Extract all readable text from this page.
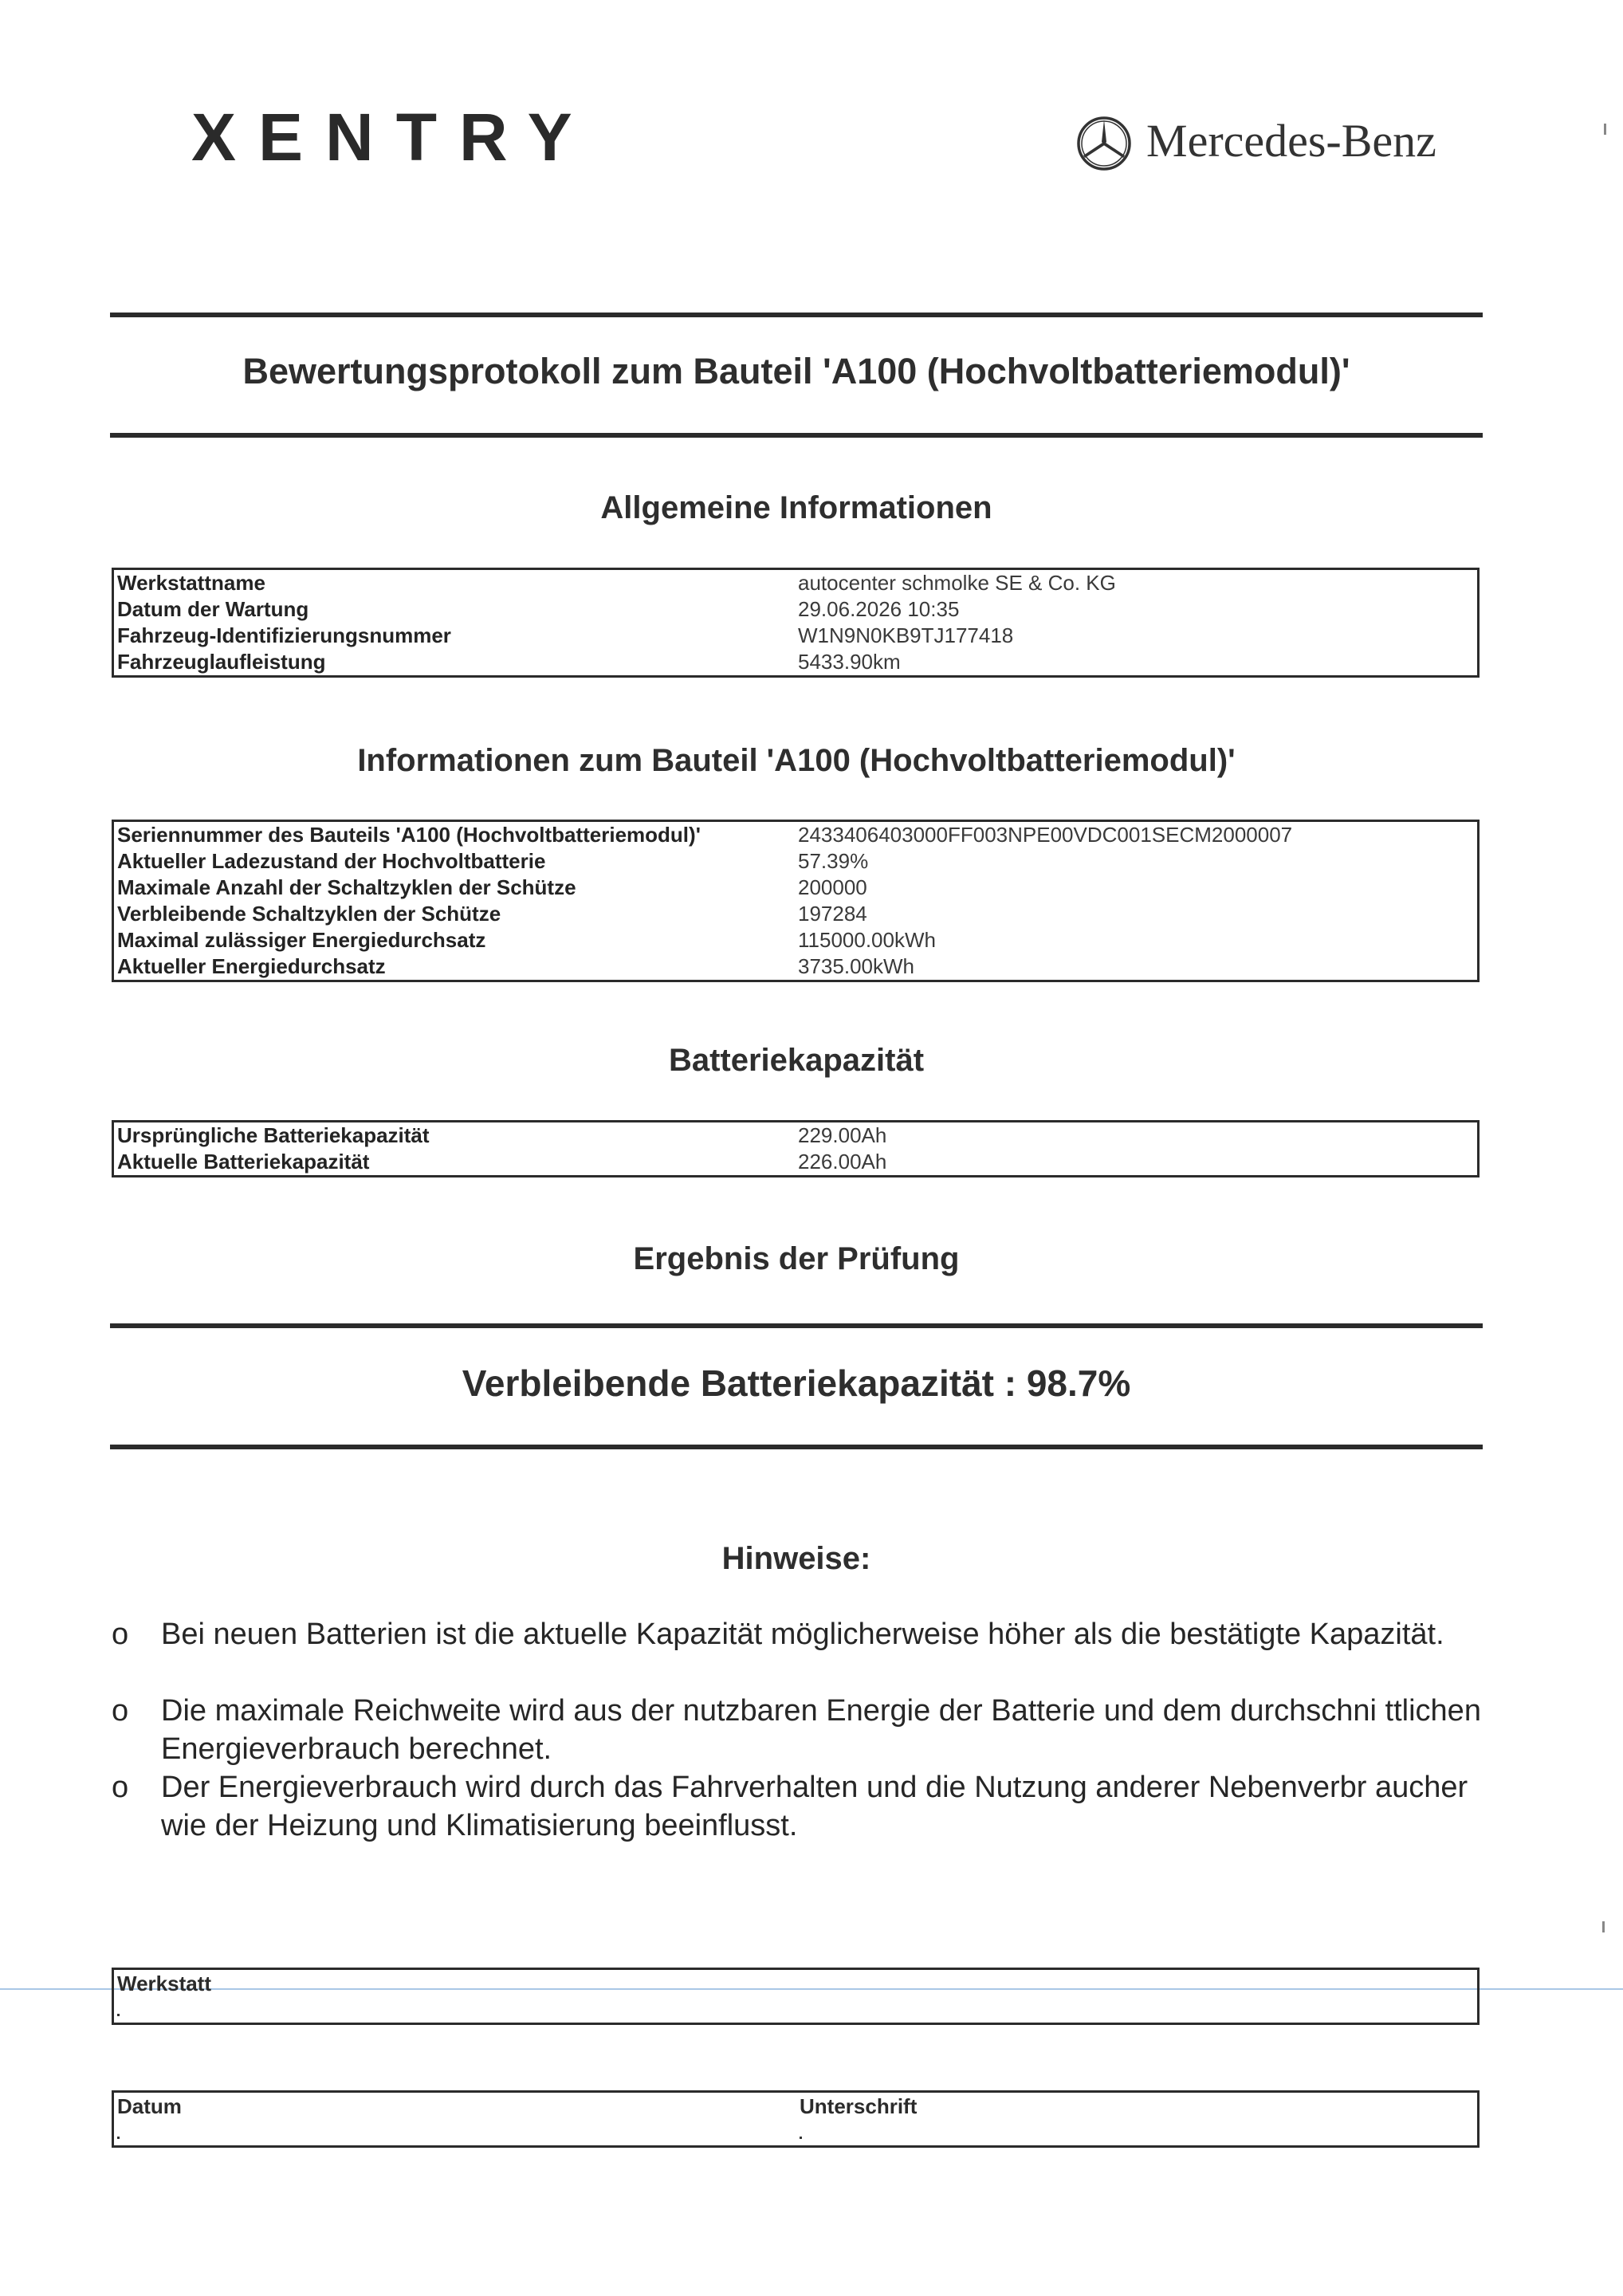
XENTRY	Mercedes-Benz
Bewertungsprotokoll zum Bauteil 'A100 (Hochvoltbatteriemodul)'
Allgemeine Informationen
Werkstattname	autocenter schmolke SE & Co. KG
Datum der Wartung	29.06.2026 10:35
Fahrzeug-Identifizierungsnummer	W1N9N0KB9TJ177418
Fahrzeuglaufleistung	5433.90km
Informationen zum Bauteil 'A100 (Hochvoltbatteriemodul)'
Seriennummer des Bauteils 'A100 (Hochvoltbatteriemodul)'	2433406403000FF003NPE00VDC001SECM2000007
Aktueller Ladezustand der Hochvoltbatterie	57.39%
Maximale Anzahl der Schaltzyklen der Schütze	200000
Verbleibende Schaltzyklen der Schütze	197284
Maximal zulässiger Energiedurchsatz	115000.00kWh
Aktueller Energiedurchsatz	3735.00kWh
Batteriekapazität
Ursprüngliche Batteriekapazität	229.00Ah
Aktuelle Batteriekapazität	226.00Ah
Ergebnis der Prüfung
Verbleibende Batteriekapazität : 98.7%
Hinweise:
o Bei neuen Batterien ist die aktuelle Kapazität möglicherweise höher als die bestätigte Kapazität.
o Die maximale Reichweite wird aus der nutzbaren Energie der Batterie und dem durchschni ttlichen Energieverbrauch berechnet.
o Der Energieverbrauch wird durch das Fahrverhalten und die Nutzung anderer Nebenverbr aucher wie der Heizung und Klimatisierung beeinflusst.
Werkstatt
Datum	Unterschrift
